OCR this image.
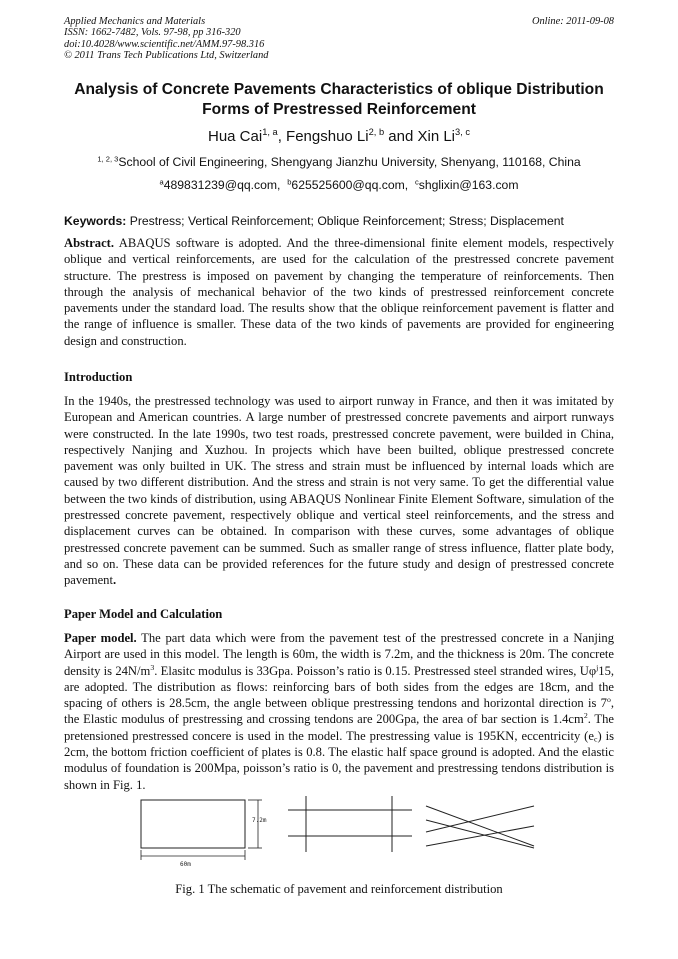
Applied Mechanics and Materials
ISSN: 1662-7482, Vols. 97-98, pp 316-320
doi:10.4028/www.scientific.net/AMM.97-98.316
© 2011 Trans Tech Publications Ltd, Switzerland
Online: 2011-09-08
Analysis of Concrete Pavements Characteristics of oblique Distribution
Forms of Prestressed Reinforcement
Hua Cai$^{1, a}$, Fengshuo Li$^{2, b}$ and Xin Li$^{3, c}$
$^{1, 2, 3}$School of Civil Engineering, Shengyang Jianzhu University, Shenyang, 110168, China
$^a$489831239@qq.com, $^b$625525600@qq.com, $^c$shglixin@163.com
Keywords: Prestress; Vertical Reinforcement; Oblique Reinforcement; Stress; Displacement
Abstract. ABAQUS software is adopted. And the three-dimensional finite element models, respectively oblique and vertical reinforcements, are used for the calculation of the prestressed concrete pavement structure. The prestress is imposed on pavement by changing the temperature of reinforcements. Then through the analysis of mechanical behavior of the two kinds of prestressed reinforcement concrete pavements under the standard load. The results show that the oblique reinforcement pavement is flatter and the range of influence is smaller. These data of the two kinds of pavements are provided for engineering design and construction.
Introduction
In the 1940s, the prestressed technology was used to airport runway in France, and then it was imitated by European and American countries. A large number of prestressed concrete pavements and airport runways were constructed. In the late 1990s, two test roads, prestressed concrete pavement, were builded in China, respectively Nanjing and Xuzhou. In projects which have been builted, oblique prestressed concrete pavement was only builted in UK. The stress and strain must be influenced by internal loads which are caused by two different distribution. And the stress and strain is not very same. To get the differential value between the two kinds of distribution, using ABAQUS Nonlinear Finite Element Software, simulation of the prestressed concrete pavement, respectively oblique and vertical steel reinforcements, and the stress and displacement curves can be obtained. In comparison with these curves, some advantages of oblique prestressed concrete pavement can be summed. Such as smaller range of stress influence, flatter plate body, and so on. These data can be provided references for the future study and design of prestressed concrete pavement.
Paper Model and Calculation
Paper model. The part data which were from the pavement test of the prestressed concrete in a Nanjing Airport are used in this model. The length is 60m, the width is 7.2m, and the thickness is 20m. The concrete density is $24N/m^3$. Elasitc modulus is 33Gpa. Poisson’s ratio is 0.15. Prestressed steel stranded wires, $U\varphi^j15$, are adopted. The distribution as flows: reinforcing bars of both sides from the edges are 18cm, and the spacing of others is 28.5cm, the angle between oblique prestressing tendons and horizontal direction is 7$^o$, the Elastic modulus of prestressing and crossing tendons are 200Gpa, the area of bar section is $1.4cm^2$. The pretensioned prestressed concere is used in the model. The prestressing value is 195KN, eccentricity $(e_c)$ is 2cm, the bottom friction coefficient of plates is 0.8. The elastic half space ground is adopted. And the elastic modulus of foundation is 200Mpa, poisson’s ratio is 0, the pavement and prestressing tendons distribution is shown in Fig. 1.
7.2m
60m
Fig. 1 The schematic of pavement and reinforcement distribution
